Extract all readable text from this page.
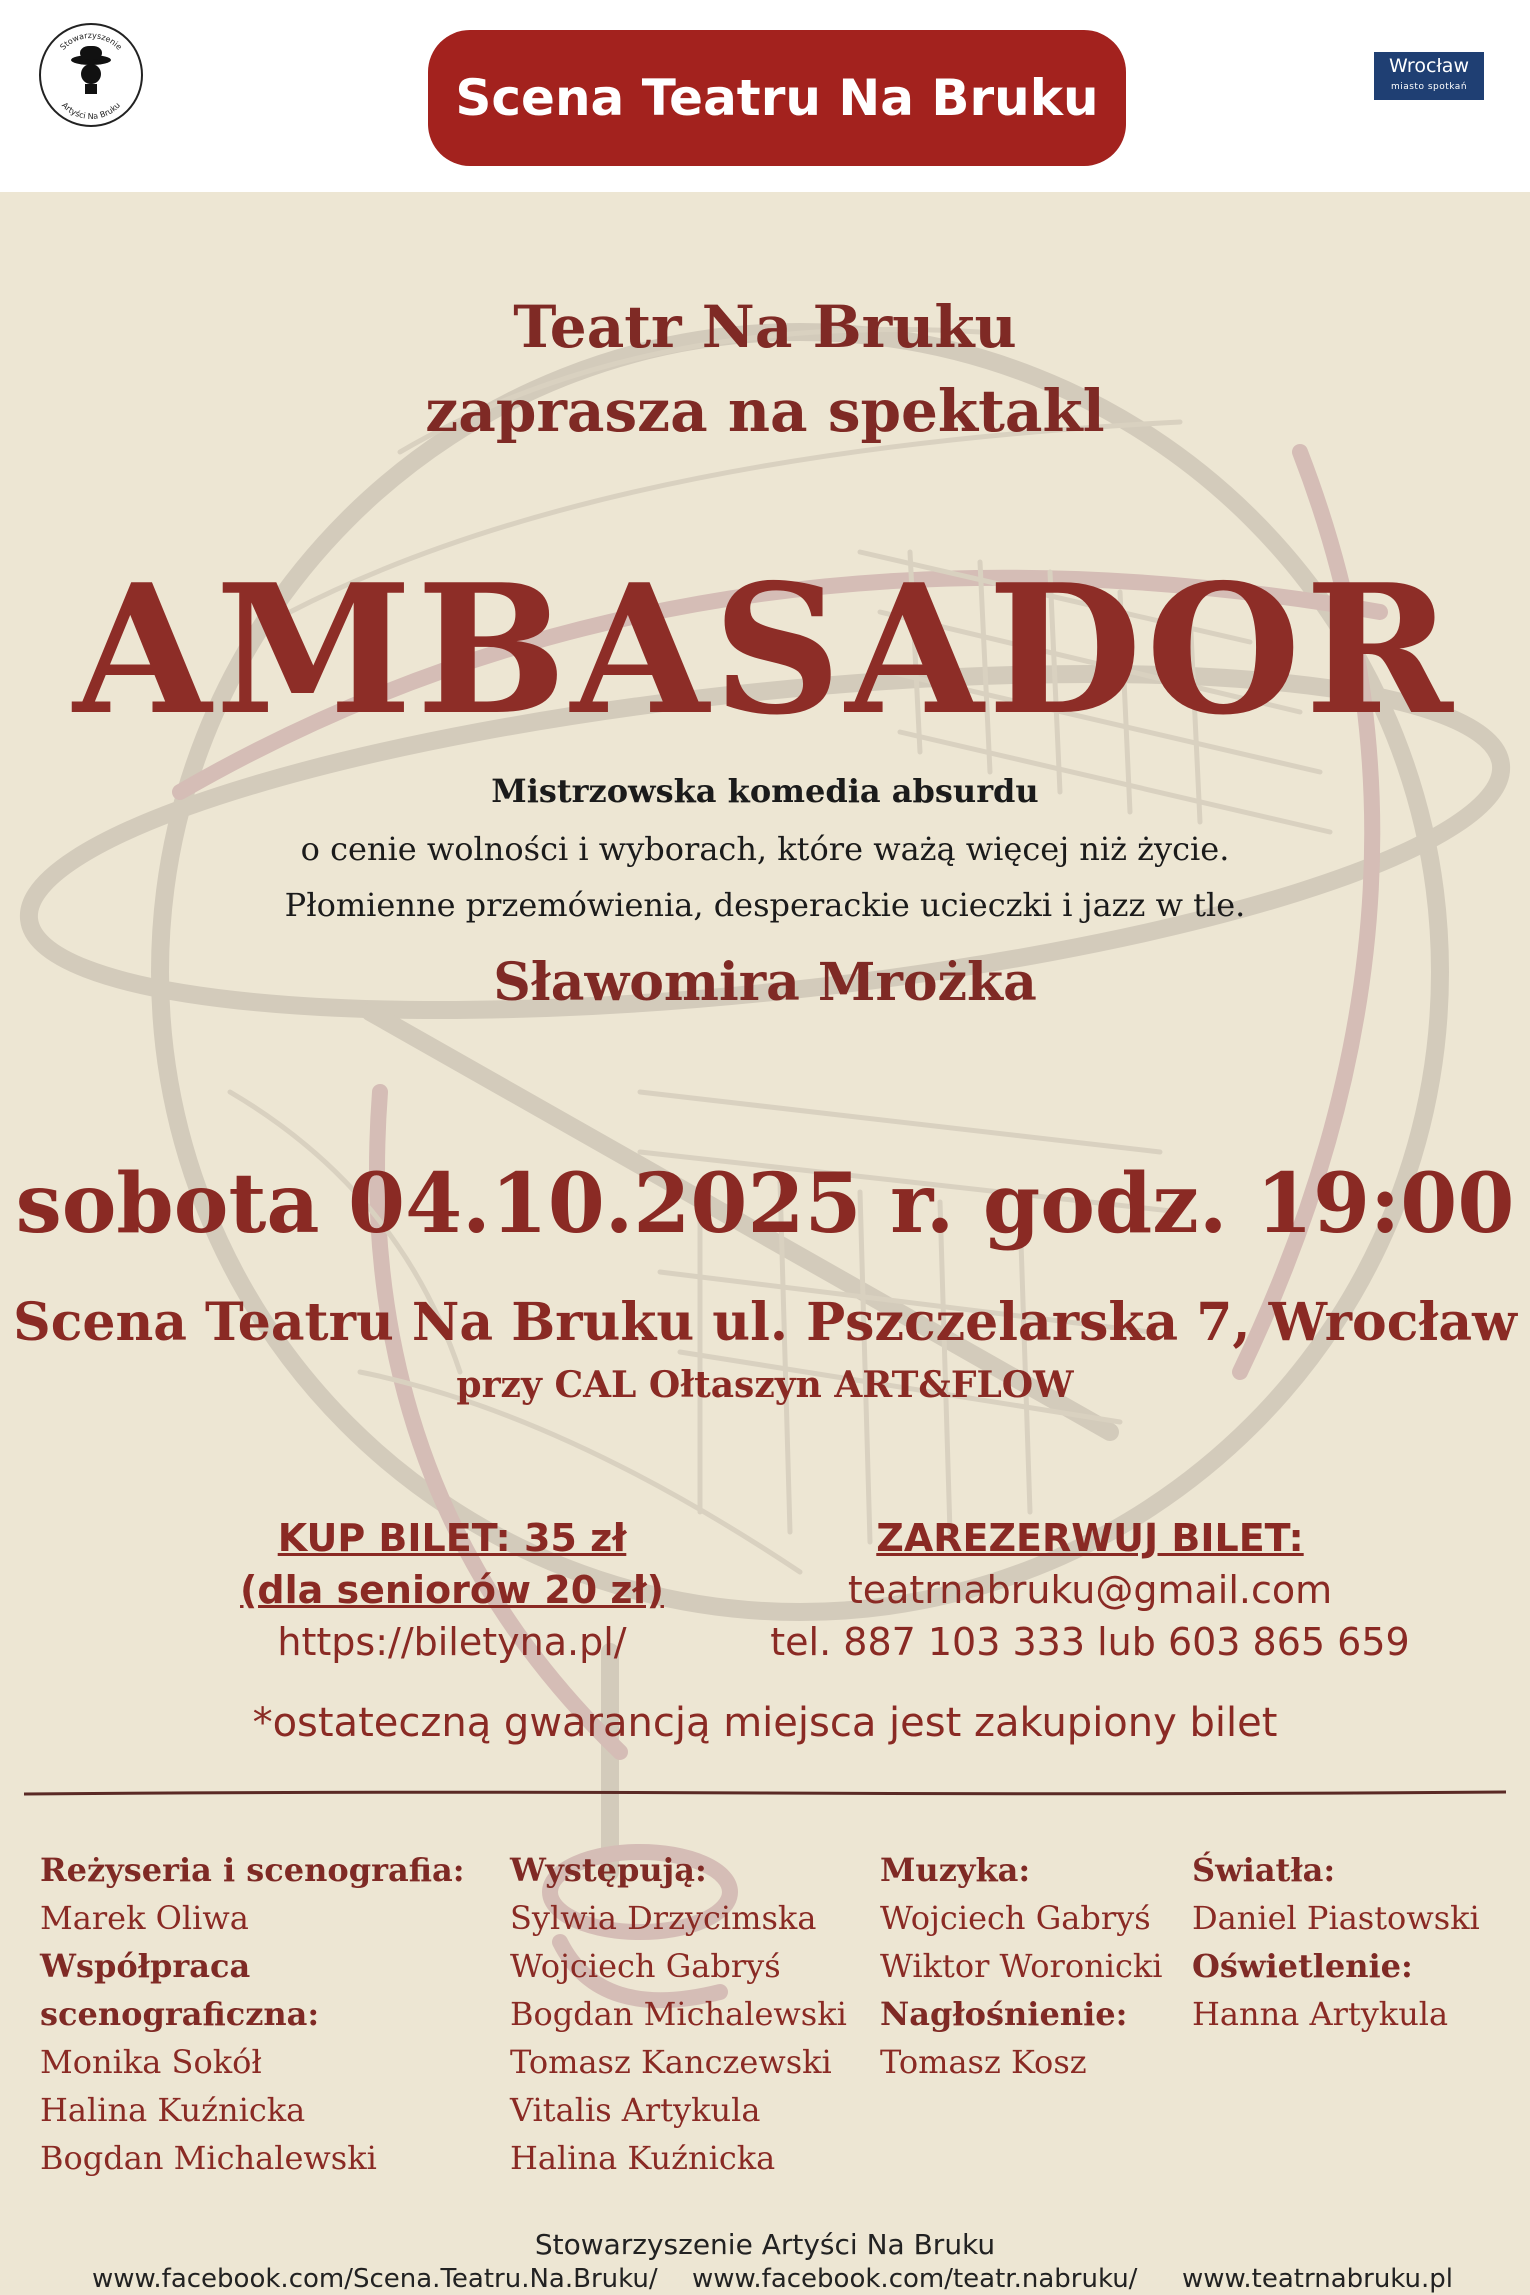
Stowarzyszenie
Artyści Na Bruku	Scena Teatru Na Bruku
Wrocław
miasto spotkań
Teatr Na Bruku
zaprasza na spektakl
AMBASADOR
Mistrzowska komedia absurdu
o cenie wolności i wyborach, które ważą więcej niż życie.
Płomienne przemówienia, desperackie ucieczki i jazz w tle.
Sławomira Mrożka
sobota 04.10.2025 r. godz. 19:00
Scena Teatru Na Bruku ul. Pszczelarska 7, Wrocław
przy CAL Ołtaszyn ART&FLOW
KUP BILET: 35 zł
(dla seniorów 20 zł)
https://biletyna.pl/
ZAREZERWUJ BILET:
teatrnabruku@gmail.com
tel. 887 103 333 lub 603 865 659
*ostateczną gwarancją miejsca jest zakupiony bilet
Reżyseria i scenografia:
Marek Oliwa
Współpraca scenograficzna:
Monika Sokół
Halina Kuźnicka
Bogdan Michalewski
Występują:
Sylwia Drzycimska
Wojciech Gabryś
Bogdan Michalewski
Tomasz Kanczewski
Vitalis Artykula
Halina Kuźnicka
Muzyka:
Wojciech Gabryś
Wiktor Woronicki
Nagłośnienie:
Tomasz Kosz
Światła:
Daniel Piastowski
Oświetlenie:
Hanna Artykula
Stowarzyszenie Artyści Na Bruku
www.facebook.com/Scena.Teatru.Na.Bruku/ www.facebook.com/teatr.nabruku/ www.teatrnabruku.pl
